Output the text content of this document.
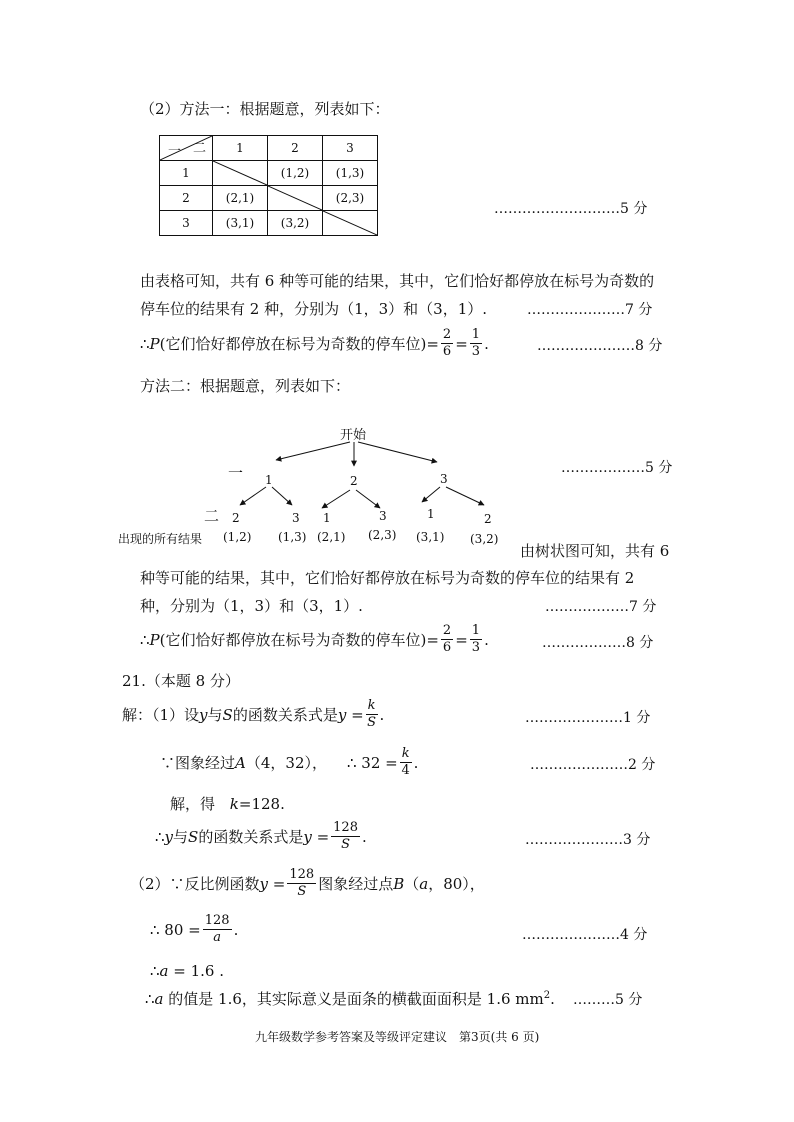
（2）方法一：根据题意，列表如下：
二
一	1	2	3
1		(1,2)	(1,3)
2	(2,1)		(2,3)
3	(3,1)	(3,2)	
………………………5 分
由表格可知，共有 6 种等可能的结果，其中，它们恰好都停放在标号为奇数的
停车位的结果有 2 种，分别为（1，3）和（3，1）.	…………………7 分
∴ P (它们恰好都停放在标号为奇数的停车位)= $\frac{2}{6} = \frac{1}{3}$ .	…………………8 分
方法二：根据题意，列表如下：
开始
一
二
出现的所有结果
1	2	3
2	3 1	3	1	2
(1,2) (1,3) (2,1) (2,3) (3,1) (3,2)
………………5 分
由树状图可知，共有 6
种等可能的结果，其中，它们恰好都停放在标号为奇数的停车位的结果有 2
种，分别为（1，3）和（3，1）.	………………7 分
∴ P (它们恰好都停放在标号为奇数的停车位)= $\frac{2}{6} = \frac{1}{3}$ .	………………8 分
21.（本题 8 分）
解：（1）设 y 与 S 的函数关系式是 $y = \frac{k}{S}$ .	…………………1 分
∵图象经过 A （4，32）， ∴ $32 = \frac{k}{4}$ .	…………………2 分
解，得 k=128.
∴ y 与 S 的函数关系式是 $y = \frac{128}{S}$ .	…………………3 分
（2）∵反比例函数 $y = \frac{128}{S}$ 图象经过点 B （ a ，80），
∴ $80 = \frac{128}{a}$ .	…………………4 分
∴a = 1.6 .
∴a 的值是 1.6，其实际意义是面条的横截面面积是 1.6 $mm^2$. ………5 分
九年级数学参考答案及等级评定建议　第3页(共 6 页)
